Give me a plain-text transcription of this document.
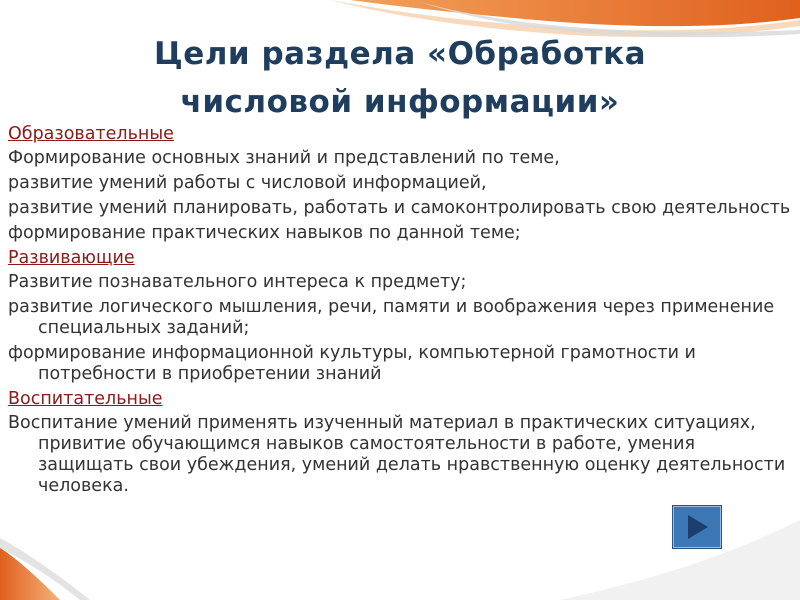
Цели раздела «Обработка
числовой информации»
Образовательные
Формирование основных знаний и представлений по теме,
развитие умений работы с числовой информацией,
развитие умений планировать, работать и самоконтролировать свою деятельность
формирование практических навыков по данной теме;
Развивающие
Развитие познавательного интереса к предмету;
развитие логического мышления, речи, памяти и воображения через применение специальных заданий;
формирование информационной культуры, компьютерной грамотности и потребности в приобретении знаний
Воспитательные
Воспитание умений применять изученный материал в практических ситуациях, привитие обучающимся навыков самостоятельности в работе, умения защищать свои убеждения, умений делать нравственную оценку деятельности человека.
